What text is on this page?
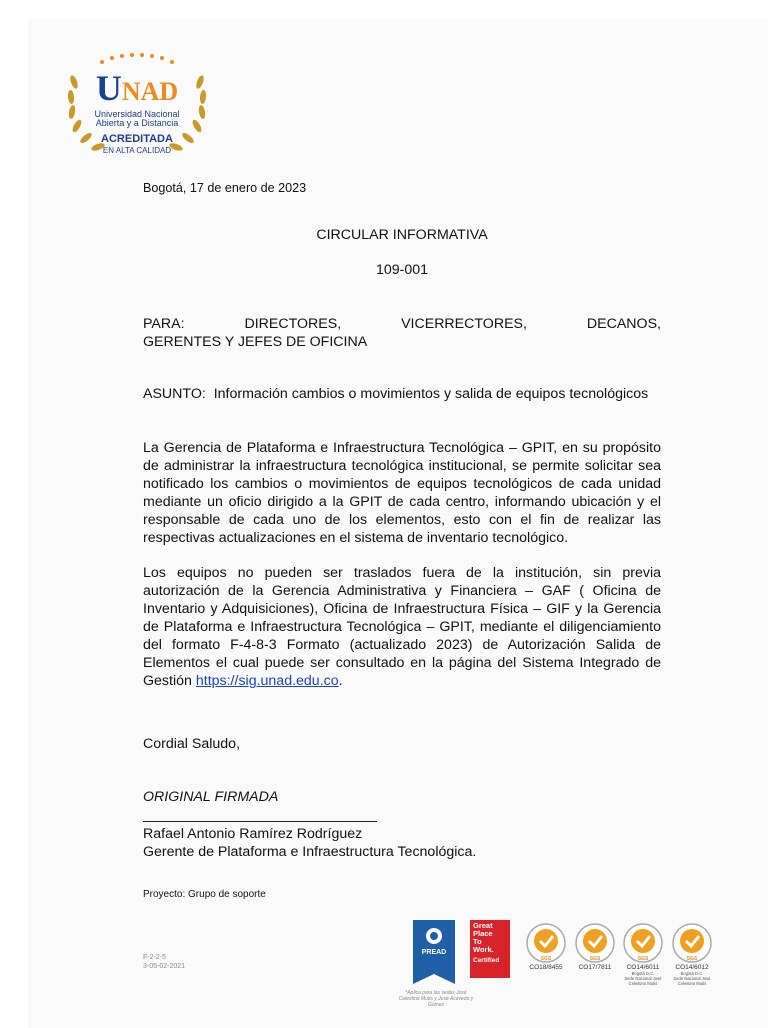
UNAD
Universidad Nacional
Abierta y a Distancia
ACREDITADA
EN ALTA CALIDAD
Bogotá, 17 de enero de 2023
CIRCULAR INFORMATIVA
109-001
PARA:	DIRECTORES,	VICERRECTORES,	DECANOS,
GERENTES Y JEFES DE OFICINA
ASUNTO: Información cambios o movimientos y salida de equipos tecnológicos
La Gerencia de Plataforma e Infraestructura Tecnológica – GPIT, en su propósito de administrar la infraestructura tecnológica institucional, se permite solicitar sea notificado los cambios o movimientos de equipos tecnológicos de cada unidad mediante un oficio dirigido a la GPIT de cada centro, informando ubicación y el responsable de cada uno de los elementos, esto con el fin de realizar las respectivas actualizaciones en el sistema de inventario tecnológico.
Los equipos no pueden ser traslados fuera de la institución, sin previa autorización de la Gerencia Administrativa y Financiera – GAF ( Oficina de Inventario y Adquisiciones), Oficina de Infraestructura Física – GIF y la Gerencia de Plataforma e Infraestructura Tecnológica – GPIT, mediante el diligenciamiento del formato F-4-8-3 Formato (actualizado 2023) de Autorización Salida de Elementos el cual puede ser consultado en la página del Sistema Integrado de Gestión https://sig.unad.edu.co.
Cordial Saludo,
ORIGINAL FIRMADA
Rafael Antonio Ramírez Rodríguez
Gerente de Plataforma e Infraestructura Tecnológica.
Proyecto: Grupo de soporte
F-2-2-5
3-05-02-2021
PREAD
Great
Place
To
Work.
Certified
*Aplica para las sedes José Celestino Mutis y José Acevedo y Gómez
SGS
CO18/8455
SGS
CO17/7811
SGS
CO14/6011
Bogotá D.C.
Sede Nacional José Celestino Mutis
SGS
CO14/6012
Bogotá D.C.
Sede Nacional José Celestino Mutis
